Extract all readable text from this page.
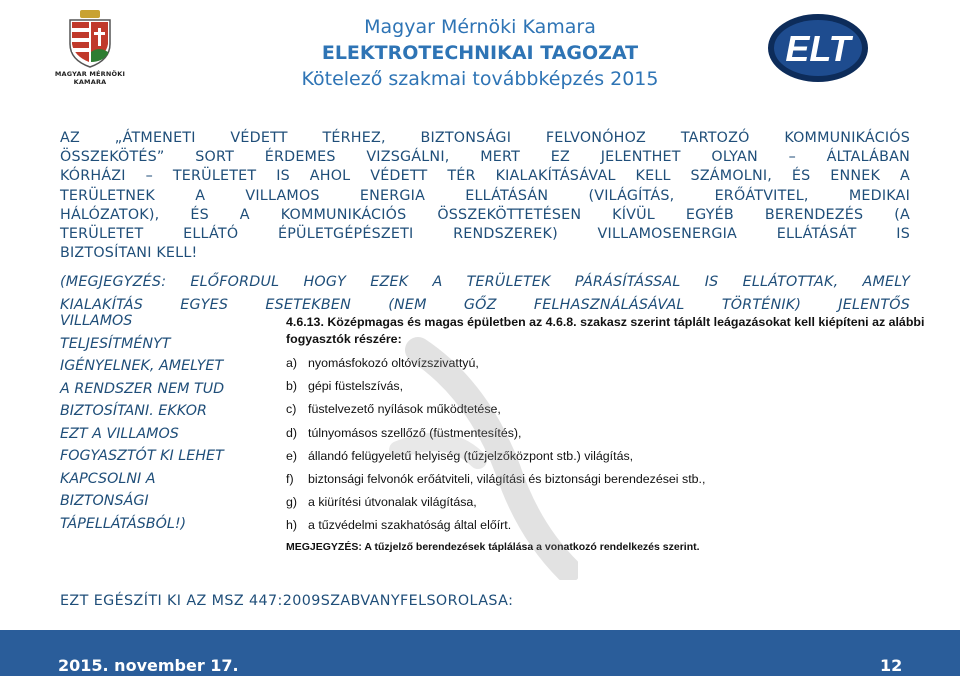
MAGYAR MÉRNÖKI KAMARA
Magyar Mérnöki Kamara
ELEKTROTECHNIKAI TAGOZAT
Kötelező szakmai továbbképzés 2015
ELT
AZ „ÁTMENETI VÉDETT TÉRHEZ, BIZTONSÁGI FELVONÓHOZ TARTOZÓ KOMMUNIKÁCIÓS
ÖSSZEKÖTÉS” SORT ÉRDEMES VIZSGÁLNI, MERT EZ JELENTHET OLYAN – ÁLTALÁBAN
KÓRHÁZI – TERÜLETET IS AHOL VÉDETT TÉR KIALAKÍTÁSÁVAL KELL SZÁMOLNI, ÉS ENNEK A
TERÜLETNEK A VILLAMOS ENERGIA ELLÁTÁSÁN (VILÁGÍTÁS, ERŐÁTVITEL, MEDIKAI
HÁLÓZATOK), ÉS A KOMMUNIKÁCIÓS ÖSSZEKÖTTETÉSEN KÍVÜL EGYÉB BERENDEZÉS (A
TERÜLETET ELLÁTÓ ÉPÜLETGÉPÉSZETI RENDSZEREK) VILLAMOSENERGIA ELLÁTÁSÁT IS
BIZTOSÍTANI KELL!
(MEGJEGYZÉS: ELŐFORDUL HOGY EZEK A TERÜLETEK PÁRÁSÍTÁSSAL IS ELLÁTOTTAK, AMELY
KIALAKÍTÁS EGYES ESETEKBEN (NEM GŐZ FELHASZNÁLÁSÁVAL TÖRTÉNIK) JELENTŐS
VILLAMOS
TELJESÍTMÉNYT
IGÉNYELNEK, AMELYET
A RENDSZER NEM TUD
BIZTOSÍTANI. EKKOR
EZT A VILLAMOS
FOGYASZTÓT KI LEHET
KAPCSOLNI A
BIZTONSÁGI
TÁPELLÁTÁSBÓL!)
4.6.13. Középmagas és magas épületben az 4.6.8. szakasz szerint táplált leágazásokat kell kiépíteni az alábbi
fogyasztók részére:
a) nyomásfokozó oltóvízszivattyú,
b) gépi füstelszívás,
c) füstelvezető nyílások működtetése,
d) túlnyomásos szellőző (füstmentesítés),
e) állandó felügyeletű helyiség (tűzjelzőközpont stb.) világítás,
f)	biztonsági felvonók erőátviteli, világítási és biztonsági berendezései stb.,
g) a kiürítési útvonalak világítása,
h) a tűzvédelmi szakhatóság által előírt.
MEGJEGYZÉS: A tűzjelző berendezések táplálása a vonatkozó rendelkezés szerint.
EZT EGÉSZÍTI KI AZ MSZ 447:2009SZABVANYFELSOROLASA:
2015. november 17.	12
